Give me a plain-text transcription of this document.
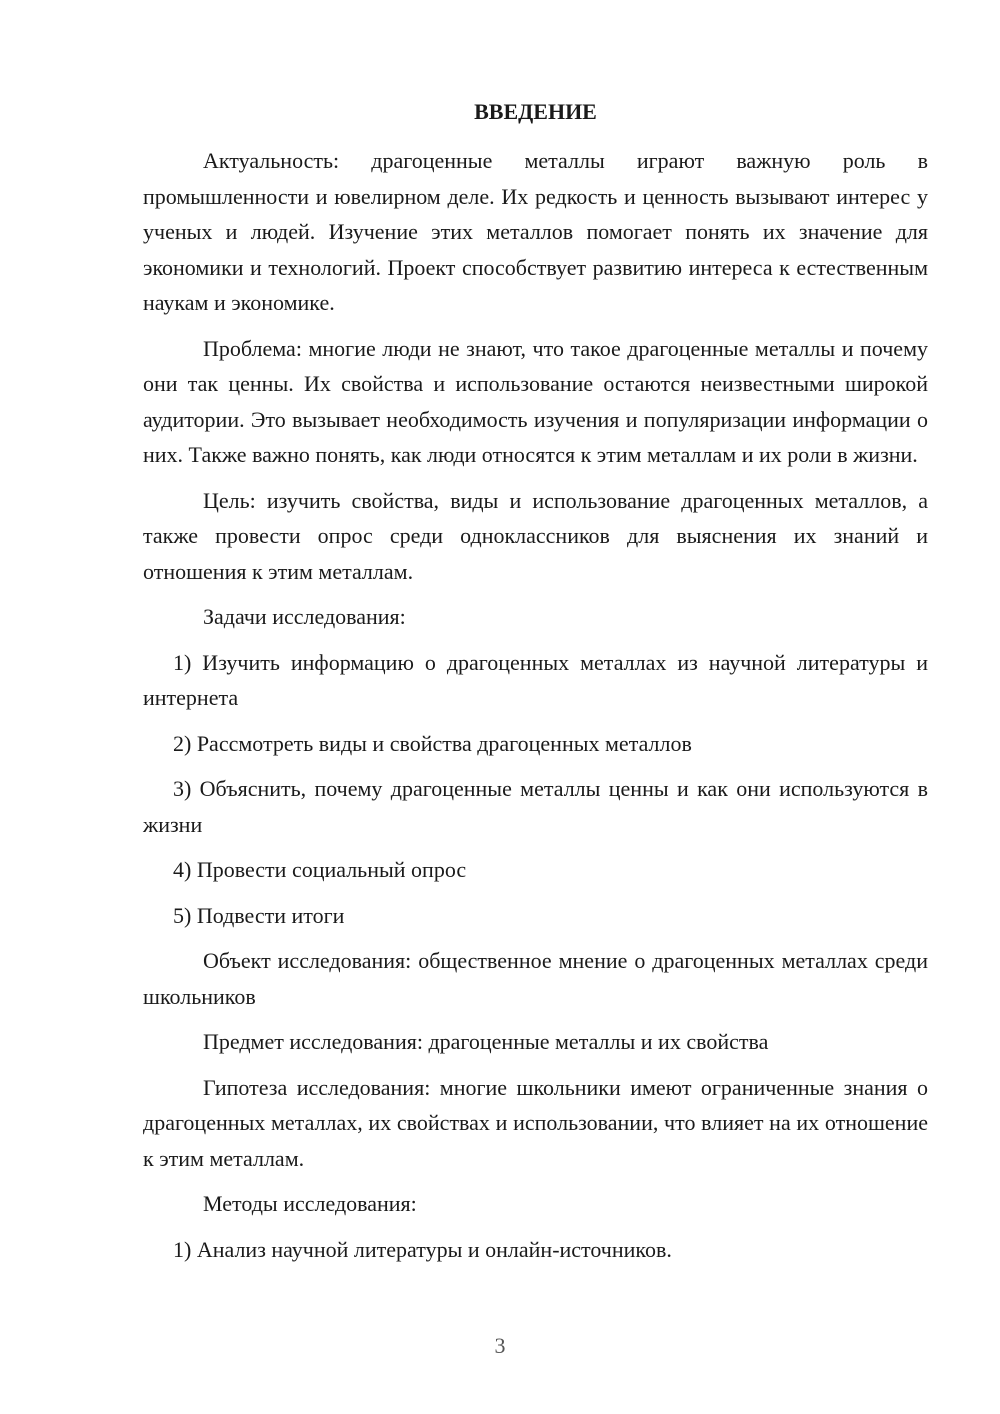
ВВЕДЕНИЕ
Актуальность: драгоценные металлы играют важную роль в промышленности и ювелирном деле. Их редкость и ценность вызывают интерес у ученых и людей. Изучение этих металлов помогает понять их значение для экономики и технологий. Проект способствует развитию интереса к естественным наукам и экономике.
Проблема: многие люди не знают, что такое драгоценные металлы и почему они так ценны. Их свойства и использование остаются неизвестными широкой аудитории. Это вызывает необходимость изучения и популяризации информации о них. Также важно понять, как люди относятся к этим металлам и их роли в жизни.
Цель: изучить свойства, виды и использование драгоценных металлов, а также провести опрос среди одноклассников для выяснения их знаний и отношения к этим металлам.
Задачи исследования:
1) Изучить информацию о драгоценных металлах из научной литературы и интернета
2) Рассмотреть виды и свойства драгоценных металлов
3) Объяснить, почему драгоценные металлы ценны и как они используются в жизни
4) Провести социальный опрос
5) Подвести итоги
Объект исследования: общественное мнение о драгоценных металлах среди школьников
Предмет исследования: драгоценные металлы и их свойства
Гипотеза исследования: многие школьники имеют ограниченные знания о драгоценных металлах, их свойствах и использовании, что влияет на их отношение к этим металлам.
Методы исследования:
1) Анализ научной литературы и онлайн-источников.
3
